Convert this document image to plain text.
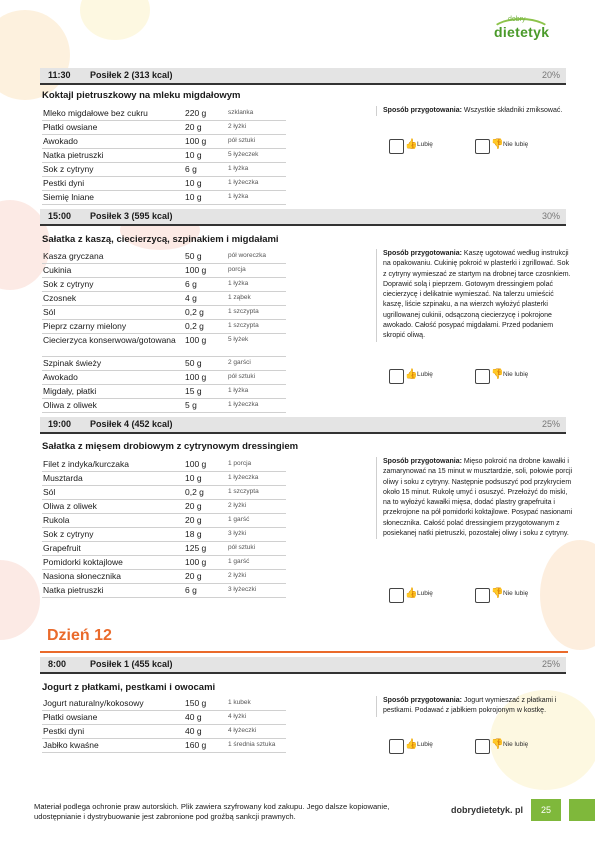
dobry
dietetyk
11:30 Posiłek 2 (313 kcal)	20%
Koktajl pietruszkowy na mleku migdałowym
Mleko migdałowe bez cukru	220 g	szklanka
Płatki owsiane	20 g	2 łyżki
Awokado	100 g	pół sztuki
Natka pietruszki	10 g	5 łyżeczek
Sok z cytryny	6 g	1 łyżka
Pestki dyni	10 g	1 łyżeczka
Siemię lniane	10 g	1 łyżka
Sposób przygotowania: Wszystkie składniki zmiksować.
👍 Lubię	👎 Nie lubię
15:00 Posiłek 3 (595 kcal)	30%
Sałatka z kaszą, ciecierzycą, szpinakiem i migdałami
Kasza gryczana	50 g	pół woreczka
Cukinia	100 g	porcja
Sok z cytryny	6 g	1 łyżka
Czosnek	4 g	1 ząbek
Sól	0,2 g	1 szczypta
Pieprz czarny mielony	0,2 g	1 szczypta
Ciecierzyca konserwowa/gotowana	100 g	5 łyżek
Szpinak świeży	50 g	2 garści
Awokado	100 g	pół sztuki
Migdały, płatki	15 g	1 łyżka
Oliwa z oliwek	5 g	1 łyżeczka
Sposób przygotowania: Kaszę ugotować według instrukcji na opakowaniu. Cukinię pokroić w plasterki i zgrillować. Sok z cytryny wymieszać ze startym na drobnej tarce czosnkiem. Doprawić solą i pieprzem. Gotowym dressingiem polać ciecierzycę i delikatnie wymieszać. Na talerzu umieścić kaszę, liście szpinaku, a na wierzch wyłożyć plasterki ugrillowanej cukinii, odsączoną ciecierzycę i pokrojone awokado. Całość posypać migdałami. Przed podaniem skropić oliwą.
👍 Lubię	👎 Nie lubię
19:00 Posiłek 4 (452 kcal)	25%
Sałatka z mięsem drobiowym z cytrynowym dressingiem
Filet z indyka/kurczaka	100 g	1 porcja
Musztarda	10 g	1 łyżeczka
Sól	0,2 g	1 szczypta
Oliwa z oliwek	20 g	2 łyżki
Rukola	20 g	1 garść
Sok z cytryny	18 g	3 łyżki
Grapefruit	125 g	pół sztuki
Pomidorki koktajlowe	100 g	1 garść
Nasiona słonecznika	20 g	2 łyżki
Natka pietruszki	6 g	3 łyżeczki
Sposób przygotowania: Mięso pokroić na drobne kawałki i zamarynować na 15 minut w musztardzie, soli, połowie porcji oliwy i soku z cytryny. Następnie podsuszyć pod przykryciem około 15 minut. Rukolę umyć i osuszyć. Przełożyć do miski, na to wyłożyć kawałki mięsa, dodać plastry grapefruita i przekrojone na pół pomidorki koktajlowe. Posypać nasionami słonecznika. Całość polać dressingiem przygotowanym z posiekanej natki pietruszki, pozostałej oliwy i soku z cytryny.
👍 Lubię	👎 Nie lubię
8:00	Posiłek 1 (455 kcal)	25%
Jogurt z płatkami, pestkami i owocami
Jogurt naturalny/kokosowy	150 g	1 kubek
Płatki owsiane	40 g	4 łyżki
Pestki dyni	40 g	4 łyżeczki
Jabłko kwaśne	160 g	1 średnia sztuka
Sposób przygotowania: Jogurt wymieszać z płatkami i pestkami. Podawać z jabłkiem pokrojonym w kostkę.
👍 Lubię	👎 Nie lubię
Dzień 12
Materiał podlega ochronie praw autorskich. Plik zawiera szyfrowany kod zakupu. Jego dalsze kopiowanie, udostępnianie i dystrybuowanie jest zabronione pod groźbą sankcji prawnych.
dobrydietetyk. pl	25
